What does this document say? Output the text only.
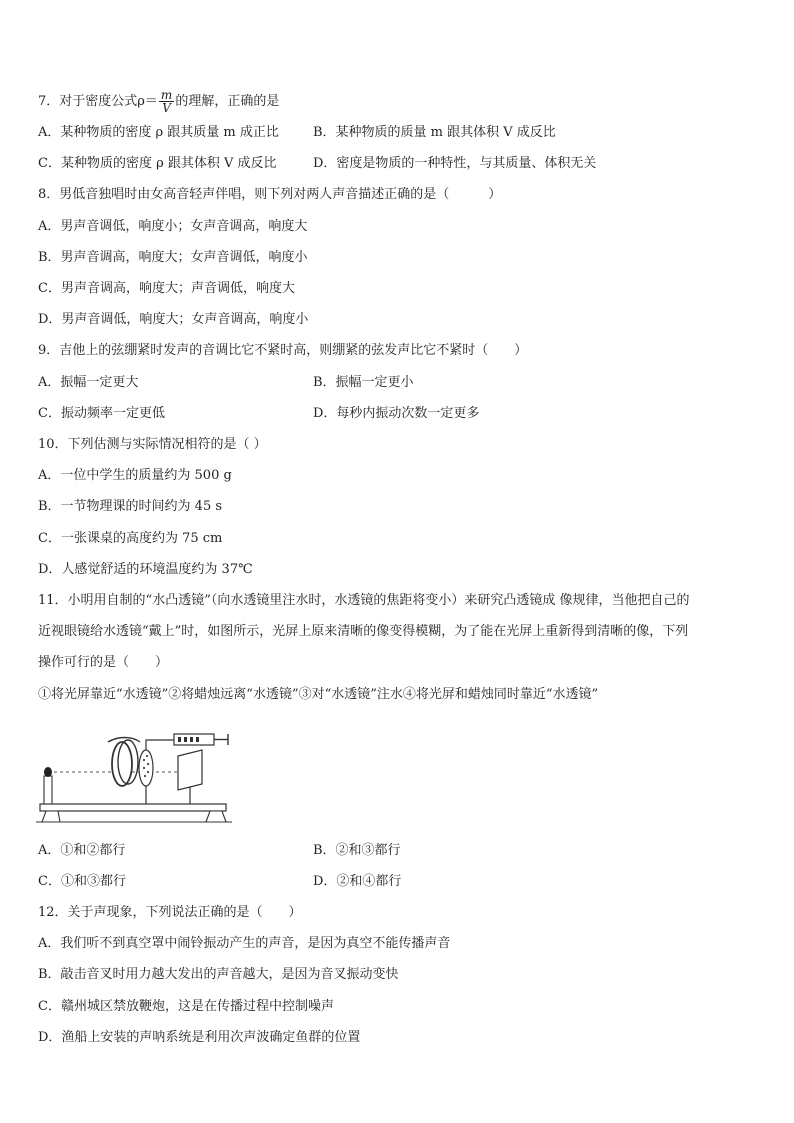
7．对于密度公式$\rho= \frac{m}{V}$ 的理解，正确的是
A．某种物质的密度 ρ 跟其质量 m 成正比	B．某种物质的质量 m 跟其体积 V 成反比
C．某种物质的密度 ρ 跟其体积 V 成反比	D．密度是物质的一种特性，与其质量、体积无关
8．男低音独唱时由女高音轻声伴唱，则下列对两人声音描述正确的是（　　　）
A．男声音调低，响度小；女声音调高，响度大
B．男声音调高，响度大；女声音调低，响度小
C．男声音调高，响度大；声音调低，响度大
D．男声音调低，响度大；女声音调高，响度小
9．吉他上的弦绷紧时发声的音调比它不紧时高，则绷紧的弦发声比它不紧时（　　）
A．振幅一定更大	B．振幅一定更小
C．振动频率一定更低	D．每秒内振动次数一定更多
10．下列估测与实际情况相符的是（ ）
A．一位中学生的质量约为 500 g
B．一节物理课的时间约为 45 s
C．一张课桌的高度约为 75 cm
D．人感觉舒适的环境温度约为 37℃
11．小明用自制的“水凸透镜”（向水透镜里注水时，水透镜的焦距将变小）来研究凸透镜成 像规律，当他把自己的
近视眼镜给水透镜“戴上”时，如图所示，光屏上原来清晰的像变得模糊，为了能在光屏上重新得到清晰的像，下列
操作可行的是（　　）
①将光屏靠近“水透镜”②将蜡烛远离“水透镜”③对“水透镜”注水④将光屏和蜡烛同时靠近“水透镜”
A．①和②都行	B．②和③都行
C．①和③都行	D．②和④都行
12．关于声现象，下列说法正确的是（　　）
A．我们听不到真空罩中闹铃振动产生的声音，是因为真空不能传播声音
B．敲击音叉时用力越大发出的声音越大，是因为音叉振动变快
C．赣州城区禁放鞭炮，这是在传播过程中控制噪声
D．渔船上安装的声呐系统是利用次声波确定鱼群的位置
